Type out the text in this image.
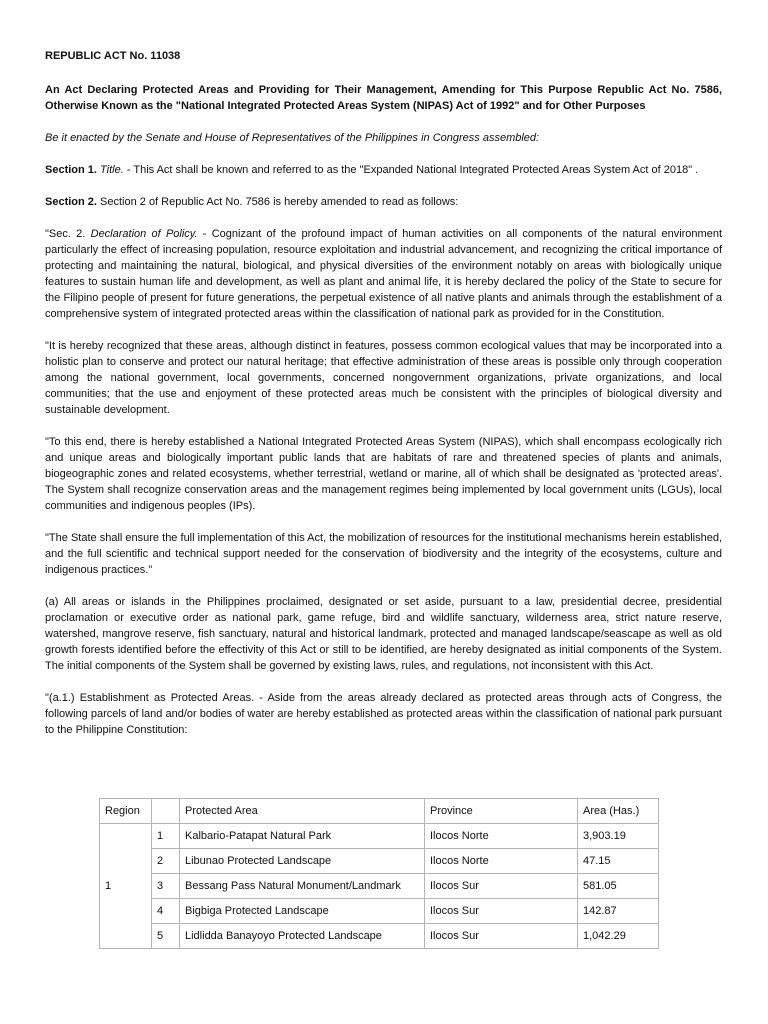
REPUBLIC ACT No. 11038

An Act Declaring Protected Areas and Providing for Their Management, Amending for This Purpose Republic Act No. 7586, Otherwise Known as the "National Integrated Protected Areas System (NIPAS) Act of 1992" and for Other Purposes

Be it enacted by the Senate and House of Representatives of the Philippines in Congress assembled:

Section 1. Title. - This Act shall be known and referred to as the "Expanded National Integrated Protected Areas System Act of 2018" .

Section 2. Section 2 of Republic Act No. 7586 is hereby amended to read as follows:

"Sec. 2. Declaration of Policy. - Cognizant of the profound impact of human activities on all components of the natural environment particularly the effect of increasing population, resource exploitation and industrial advancement, and recognizing the critical importance of protecting and maintaining the natural, biological, and physical diversities of the environment notably on areas with biologically unique features to sustain human life and development, as well as plant and animal life, it is hereby declared the policy of the State to secure for the Filipino people of present for future generations, the perpetual existence of all native plants and animals through the establishment of a comprehensive system of integrated protected areas within the classification of national park as provided for in the Constitution.

"It is hereby recognized that these areas, although distinct in features, possess common ecological values that may be incorporated into a holistic plan to conserve and protect our natural heritage; that effective administration of these areas is possible only through cooperation among the national government, local governments, concerned nongovernment organizations, private organizations, and local communities; that the use and enjoyment of these protected areas much be consistent with the principles of biological diversity and sustainable development.

"To this end, there is hereby established a National Integrated Protected Areas System (NIPAS), which shall encompass ecologically rich and unique areas and biologically important public lands that are habitats of rare and threatened species of plants and animals, biogeographic zones and related ecosystems, whether terrestrial, wetland or marine, all of which shall be designated as 'protected areas'. The System shall recognize conservation areas and the management regimes being implemented by local government units (LGUs), local communities and indigenous peoples (IPs).

"The State shall ensure the full implementation of this Act, the mobilization of resources for the institutional mechanisms herein established, and the full scientific and technical support needed for the conservation of biodiversity and the integrity of the ecosystems, culture and indigenous practices."

(a) All areas or islands in the Philippines proclaimed, designated or set aside, pursuant to a law, presidential decree, presidential proclamation or executive order as national park, game refuge, bird and wildlife sanctuary, wilderness area, strict nature reserve, watershed, mangrove reserve, fish sanctuary, natural and historical landmark, protected and managed landscape/seascape as well as old growth forests identified before the effectivity of this Act or still to be identified, are hereby designated as initial components of the System. The initial components of the System shall be governed by existing laws, rules, and regulations, not inconsistent with this Act.

"(a.1.) Establishment as Protected Areas. - Aside from the areas already declared as protected areas through acts of Congress, the following parcels of land and/or bodies of water are hereby established as protected areas within the classification of national park pursuant to the Philippine Constitution:

Region		Protected Area	Province	Area (Has.)
1	1	Kalbario-Patapat Natural Park	Ilocos Norte	3,903.19
	2	Libunao Protected Landscape	Ilocos Norte	47.15
	3	Bessang Pass Natural Monument/Landmark	Ilocos Sur	581.05
	4	Bigbiga Protected Landscape	Ilocos Sur	142.87
	5	Lidlidda Banayoyo Protected Landscape	Ilocos Sur	1,042.29
